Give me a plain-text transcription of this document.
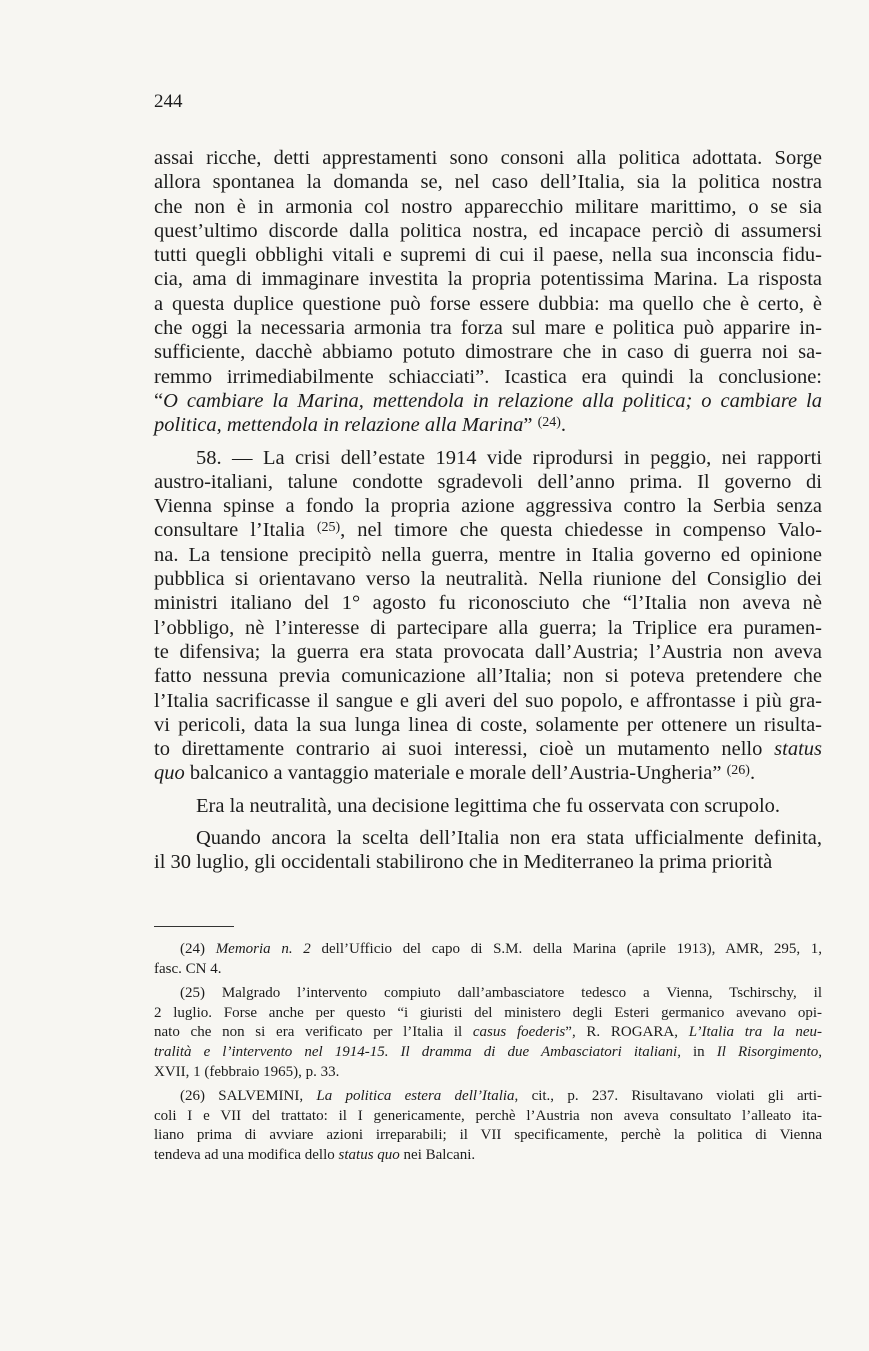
244
assai ricche, detti apprestamenti sono consoni alla politica adottata. Sorge
allora spontanea la domanda se, nel caso dell’Italia, sia la politica nostra
che non è in armonia col nostro apparecchio militare marittimo, o se sia
quest’ultimo discorde dalla politica nostra, ed incapace perciò di assumersi
tutti quegli obblighi vitali e supremi di cui il paese, nella sua inconscia fidu-
cia, ama di immaginare investita la propria potentissima Marina. La risposta
a questa duplice questione può forse essere dubbia: ma quello che è certo, è
che oggi la necessaria armonia tra forza sul mare e politica può apparire in-
sufficiente, dacchè abbiamo potuto dimostrare che in caso di guerra noi sa-
remmo irrimediabilmente schiacciati”. Icastica era quindi la conclusione:
“O cambiare la Marina, mettendola in relazione alla politica; o cambiare la
politica, mettendola in relazione alla Marina” $^{(24)}$.
58. — La crisi dell’estate 1914 vide riprodursi in peggio, nei rapporti
austro-italiani, talune condotte sgradevoli dell’anno prima. Il governo di
Vienna spinse a fondo la propria azione aggressiva contro la Serbia senza
consultare l’Italia $^{(25)}$, nel timore che questa chiedesse in compenso Valo-
na. La tensione precipitò nella guerra, mentre in Italia governo ed opinione
pubblica si orientavano verso la neutralità. Nella riunione del Consiglio dei
ministri italiano del 1° agosto fu riconosciuto che “l’Italia non aveva nè
l’obbligo, nè l’interesse di partecipare alla guerra; la Triplice era puramen-
te difensiva; la guerra era stata provocata dall’Austria; l’Austria non aveva
fatto nessuna previa comunicazione all’Italia; non si poteva pretendere che
l’Italia sacrificasse il sangue e gli averi del suo popolo, e affrontasse i più gra-
vi pericoli, data la sua lunga linea di coste, solamente per ottenere un risulta-
to direttamente contrario ai suoi interessi, cioè un mutamento nello status
quo balcanico a vantaggio materiale e morale dell’Austria-Ungheria” $^{(26)}$.
Era la neutralità, una decisione legittima che fu osservata con scrupolo.
Quando ancora la scelta dell’Italia non era stata ufficialmente definita,
il 30 luglio, gli occidentali stabilirono che in Mediterraneo la prima priorità
(24) Memoria n. 2 dell’Ufficio del capo di S.M. della Marina (aprile 1913), AMR, 295, 1,
fasc. CN 4.
(25) Malgrado l’intervento compiuto dall’ambasciatore tedesco a Vienna, Tschirschy, il
2 luglio. Forse anche per questo “i giuristi del ministero degli Esteri germanico avevano opi-
nato che non si era verificato per l’Italia il casus foederis”, R. ROGARA, L’Italia tra la neu-
tralità e l’intervento nel 1914-15. Il dramma di due Ambasciatori italiani, in Il Risorgimento,
XVII, 1 (febbraio 1965), p. 33.
(26) SALVEMINI, La politica estera dell’Italia, cit., p. 237. Risultavano violati gli arti-
coli I e VII del trattato: il I genericamente, perchè l’Austria non aveva consultato l’alleato ita-
liano prima di avviare azioni irreparabili; il VII specificamente, perchè la politica di Vienna
tendeva ad una modifica dello status quo nei Balcani.
